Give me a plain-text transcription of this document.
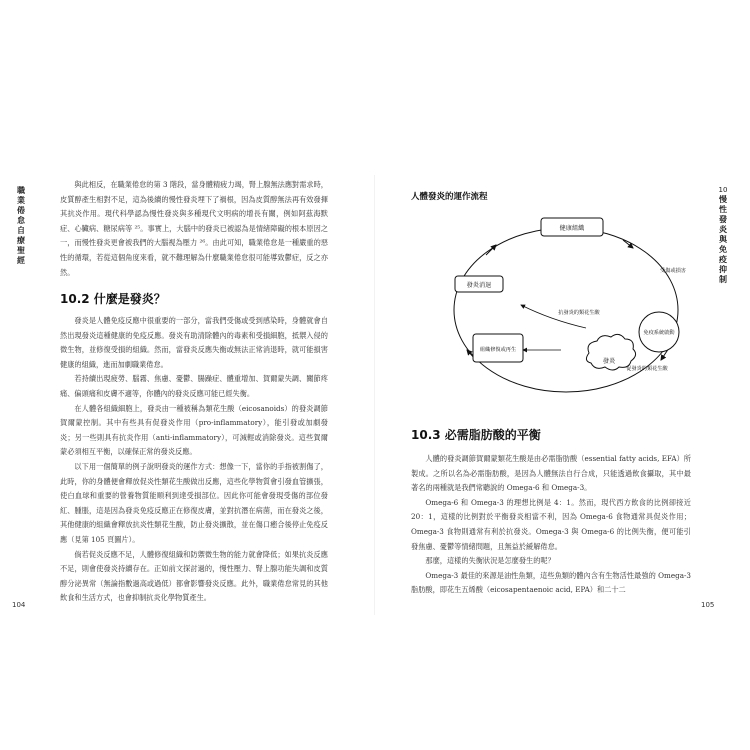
職業倦怠自療聖經

與此相反，在職業倦怠的第 3 階段，當身體精疲力竭，腎上腺無法應對需求時，皮質醇產生相對不足，這為後續的慢性發炎埋下了禍根，因為皮質醇無法再有效發揮其抗炎作用。現代科學認為慢性發炎與多種現代文明病的增長有關，例如阿茲海默症、心臟病、糖尿病等 ²⁵。事實上，大腦中的發炎已被認為是情緒障礙的根本原因之一，而慢性發炎更會被我們的大腦視為壓力 ²⁶。由此可知，職業倦怠是一種嚴重的惡性的循環，若從這個角度來看，就不難理解為什麼職業倦怠很可能導致鬱症，反之亦然。

10.2 什麼是發炎？

發炎是人體免疫反應中很重要的一部分，當我們受傷或受到感染時，身體就會自然出現發炎這種健康的免疫反應。發炎有助清除體內的毒素和受損細胞，抵禦入侵的微生物，並修復受損的組織。然而，當發炎反應失衡或無法正常消退時，就可能損害健康的組織，進而加劇職業倦怠。

若持續出現疲勞、腦霧、焦慮、憂鬱、腸躁症、體重增加、賀爾蒙失調、關節疼痛、偏頭痛和皮膚不適等，你體內的發炎反應可能已經失衡。

在人體各組織細胞上，發炎由一種被稱為類花生酸（eicosanoids）的發炎調節賀爾蒙控制。其中有些具有促發炎作用（pro-inflammatory），能引發或加劇發炎；另一些則具有抗炎作用（anti-inflammatory），可減輕或消除發炎。這些賀爾蒙必須相互平衡，以確保正常的發炎反應。

以下用一個簡單的例子說明發炎的運作方式：想像一下，當你的手指被割傷了，此時，你的身體便會釋放促炎性類花生酸做出反應，這些化學物質會引發血管擴張，使白血球和重要的營養物質能順利到達受損部位。因此你可能會發現受傷的部位發紅、腫脹，這是因為發炎免疫反應正在修復皮膚，並對抗潛在病菌，而在發炎之後，其他健康的組織會釋放抗炎性類花生酸，防止發炎擴散，並在傷口癒合後停止免疫反應（見第 105 頁圖片）。

倘若促炎反應不足，人體修復組織和防禦微生物的能力就會降低；如果抗炎反應不足，則會使發炎持續存在。正如前文探討過的，慢性壓力、腎上腺功能失調和皮質醇分泌異常（無論指數過高或過低）都會影響發炎反應。此外，職業倦怠常見的其他飲食和生活方式，也會抑制抗炎化學物質產生。

104
10
慢性發炎與免疫抑制
人體發炎的運作流程
健康組織
受傷或損害
免疫系統啟動
促發炎的類花生酸
發炎
抗發炎的類花生酸
組織修復或再生
發炎消退
10.3 必需脂肪酸的平衡

人體的發炎調節賀爾蒙類花生酸是由必需脂肪酸（essential fatty acids, EFA）所製成。之所以名為必需脂肪酸，是因為人體無法自行合成，只能透過飲食攝取，其中最著名的兩種就是我們常聽說的 Omega-6 和 Omega-3。

Omega-6 和 Omega-3 的理想比例是 4：1。然而，現代西方飲食的比例卻接近 20：1，這樣的比例對於平衡發炎相當不利，因為 Omega-6 食物通常具促炎作用；Omega-3 食物則通常有利於抗發炎。Omega-3 與 Omega-6 的比例失衡，便可能引發焦慮、憂鬱等情緒問題，且無益於緩解倦怠。

那麼，這樣的失衡狀況是怎麼發生的呢？

Omega-3 最佳的來源是油性魚類，這些魚類的體內含有生物活性最強的 Omega-3 脂肪酸，即花生五烯酸（eicosapentaenoic acid, EPA）和二十二

105
